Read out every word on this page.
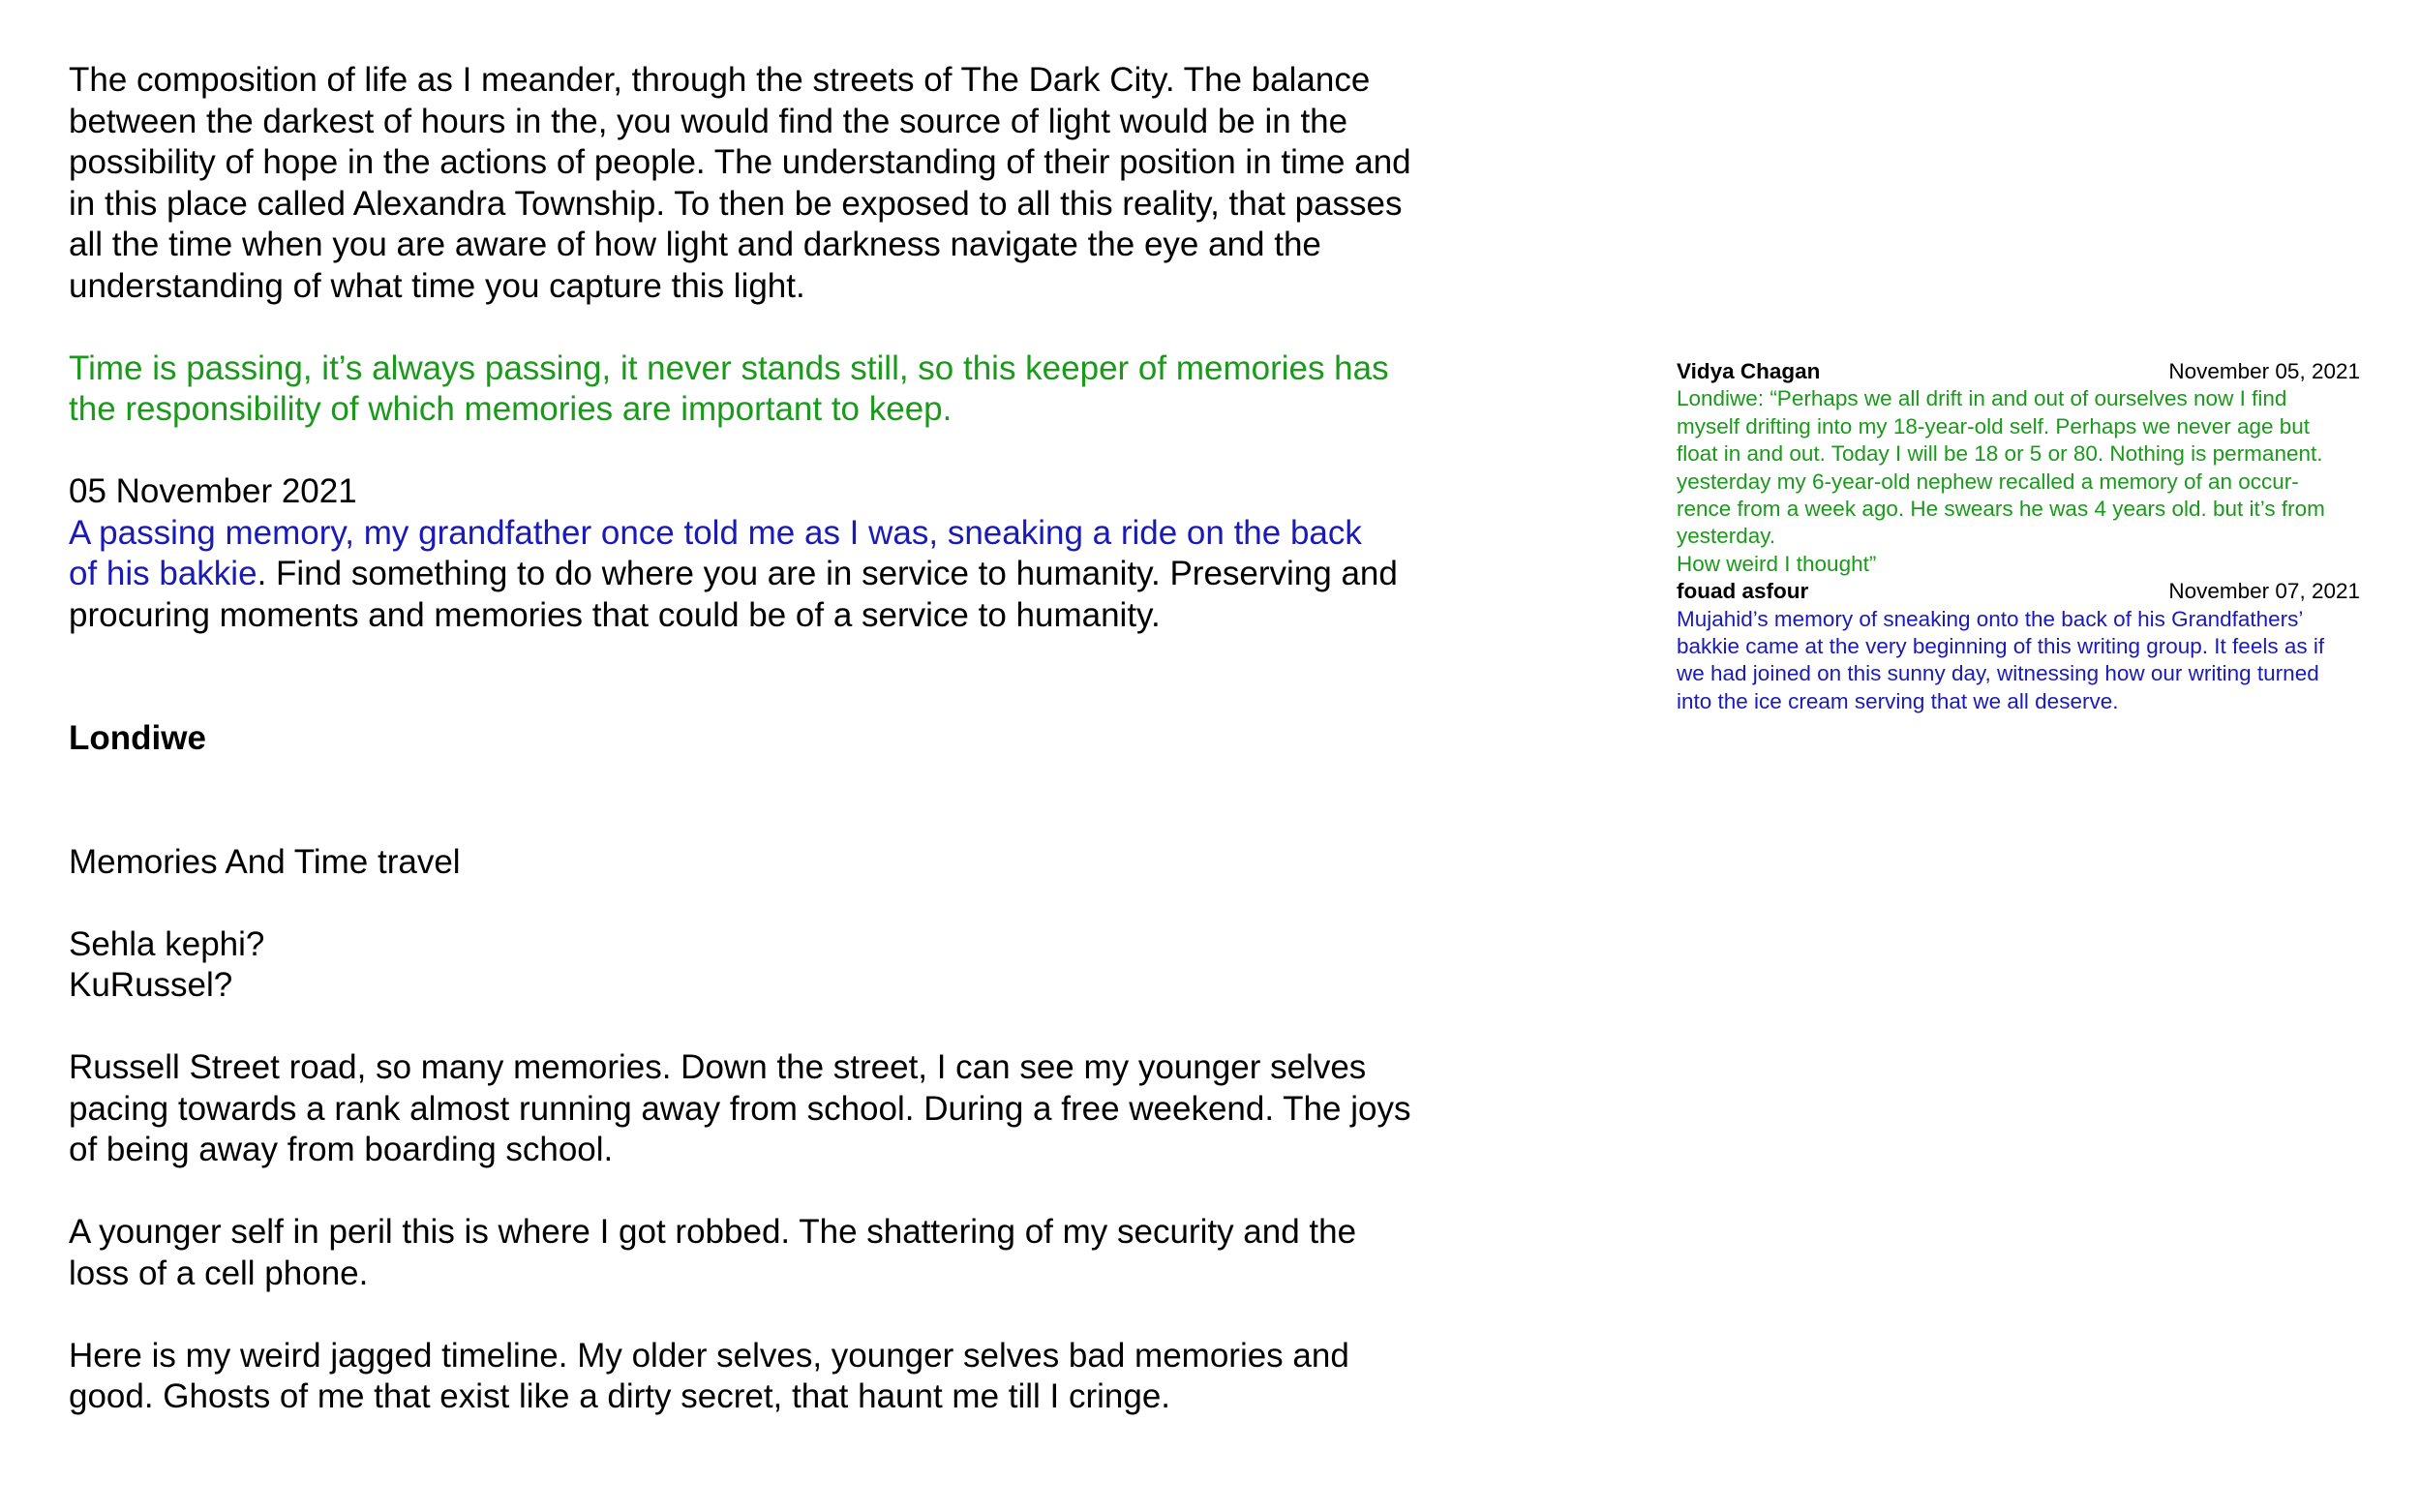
The composition of life as I meander, through the streets of The Dark City. The balance
between the darkest of hours in the, you would find the source of light would be in the
possibility of hope in the actions of people. The understanding of their position in time and
in this place called Alexandra Township. To then be exposed to all this reality, that passes
all the time when you are aware of how light and darkness navigate the eye and the
understanding of what time you capture this light.

Time is passing, it’s always passing, it never stands still, so this keeper of memories has
the responsibility of which memories are important to keep.

05 November 2021
A passing memory, my grandfather once told me as I was, sneaking a ride on the back
of his bakkie. Find something to do where you are in service to humanity. Preserving and
procuring moments and memories that could be of a service to humanity.

Londiwe

Memories And Time travel

Sehla kephi?
KuRussel?

Russell Street road, so many memories. Down the street, I can see my younger selves
pacing towards a rank almost running away from school. During a free weekend. The joys
of being away from boarding school.

A younger self in peril this is where I got robbed. The shattering of my security and the
loss of a cell phone.

Here is my weird jagged timeline. My older selves, younger selves bad memories and
good. Ghosts of me that exist like a dirty secret, that haunt me till I cringe.

Vidya Chagan	November 05, 2021

Londiwe: “Perhaps we all drift in and out of ourselves now I find
myself drifting into my 18-year-old self. Perhaps we never age but
float in and out. Today I will be 18 or 5 or 80. Nothing is permanent.
yesterday my 6-year-old nephew recalled a memory of an occur-
rence from a week ago. He swears he was 4 years old. but it’s from
yesterday.
How weird I thought”

fouad asfour	November 07, 2021

Mujahid’s memory of sneaking onto the back of his Grandfathers’
bakkie came at the very beginning of this writing group. It feels as if
we had joined on this sunny day, witnessing how our writing turned
into the ice cream serving that we all deserve.
